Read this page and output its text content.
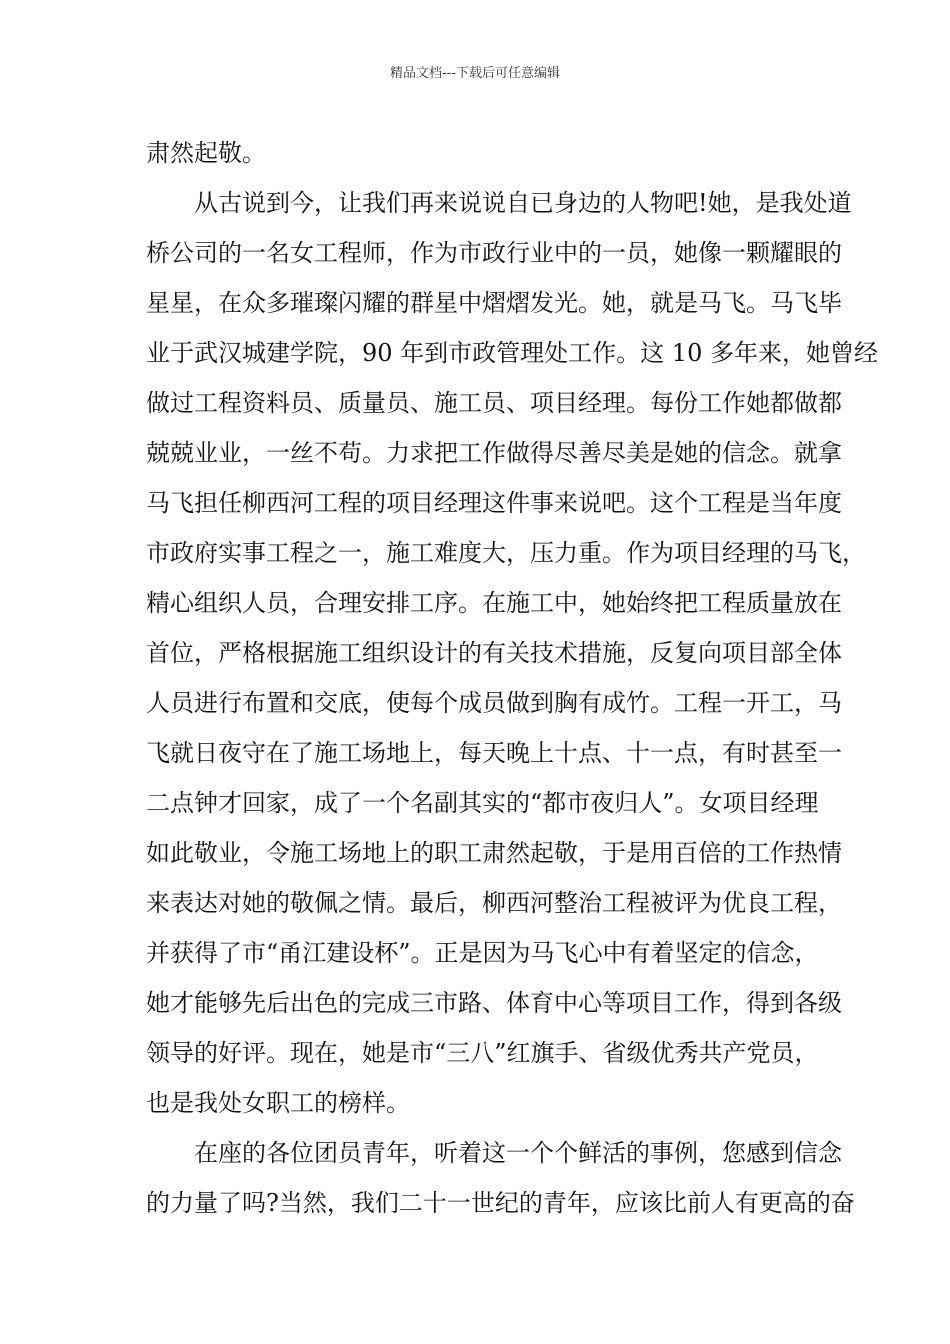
精品文档---下载后可任意编辑
肃然起敬。
从古说到今，让我们再来说说自已身边的人物吧!她，是我处道
桥公司的一名女工程师，作为市政行业中的一员，她像一颗耀眼的
星星，在众多璀璨闪耀的群星中熠熠发光。她，就是马飞。马飞毕
业于武汉城建学院，90 年到市政管理处工作。这 10 多年来，她曾经
做过工程资料员、质量员、施工员、项目经理。每份工作她都做都
兢兢业业，一丝不苟。力求把工作做得尽善尽美是她的信念。就拿
马飞担任柳西河工程的项目经理这件事来说吧。这个工程是当年度
市政府实事工程之一，施工难度大，压力重。作为项目经理的马飞，
精心组织人员，合理安排工序。在施工中，她始终把工程质量放在
首位，严格根据施工组织设计的有关技术措施，反复向项目部全体
人员进行布置和交底，使每个成员做到胸有成竹。工程一开工，马
飞就日夜守在了施工场地上，每天晚上十点、十一点，有时甚至一
二点钟才回家，成了一个名副其实的“都市夜归人”。女项目经理
如此敬业，令施工场地上的职工肃然起敬，于是用百倍的工作热情
来表达对她的敬佩之情。最后，柳西河整治工程被评为优良工程，
并获得了市“甬江建设杯”。正是因为马飞心中有着坚定的信念，
她才能够先后出色的完成三市路、体育中心等项目工作，得到各级
领导的好评。现在，她是市“三八”红旗手、省级优秀共产党员，
也是我处女职工的榜样。
在座的各位团员青年，听着这一个个鲜活的事例，您感到信念
的力量了吗?当然，我们二十一世纪的青年，应该比前人有更高的奋
